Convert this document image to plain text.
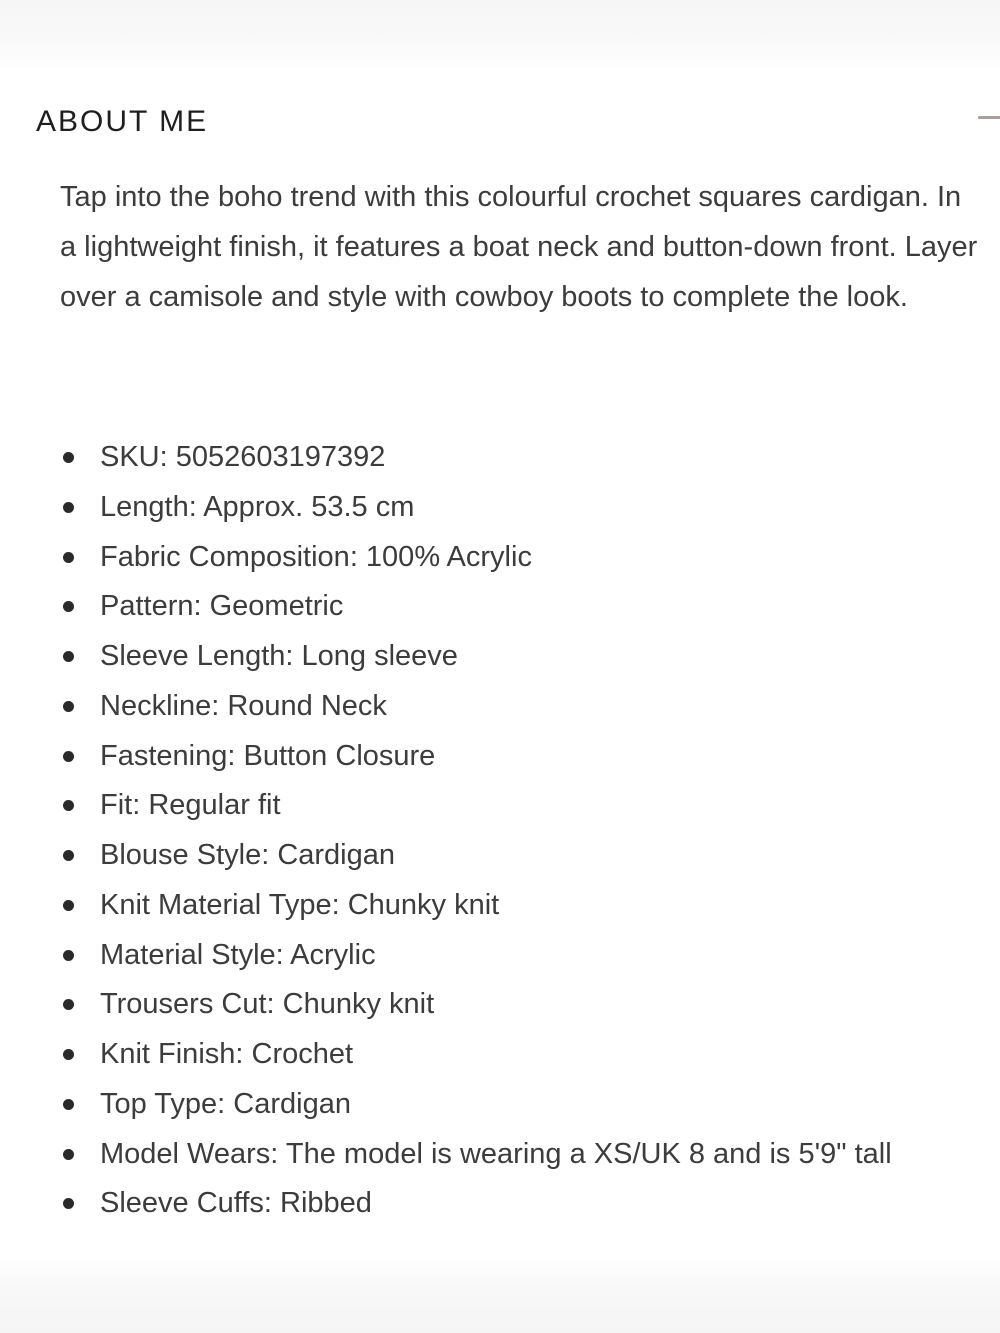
ABOUT ME

Tap into the boho trend with this colourful crochet squares cardigan. In a lightweight finish, it features a boat neck and button-down front. Layer over a camisole and style with cowboy boots to complete the look.

SKU: 5052603197392
Length: Approx. 53.5 cm
Fabric Composition: 100% Acrylic
Pattern: Geometric
Sleeve Length: Long sleeve
Neckline: Round Neck
Fastening: Button Closure
Fit: Regular fit
Blouse Style: Cardigan
Knit Material Type: Chunky knit
Material Style: Acrylic
Trousers Cut: Chunky knit
Knit Finish: Crochet
Top Type: Cardigan
Model Wears: The model is wearing a XS/UK 8 and is 5'9" tall
Sleeve Cuffs: Ribbed
